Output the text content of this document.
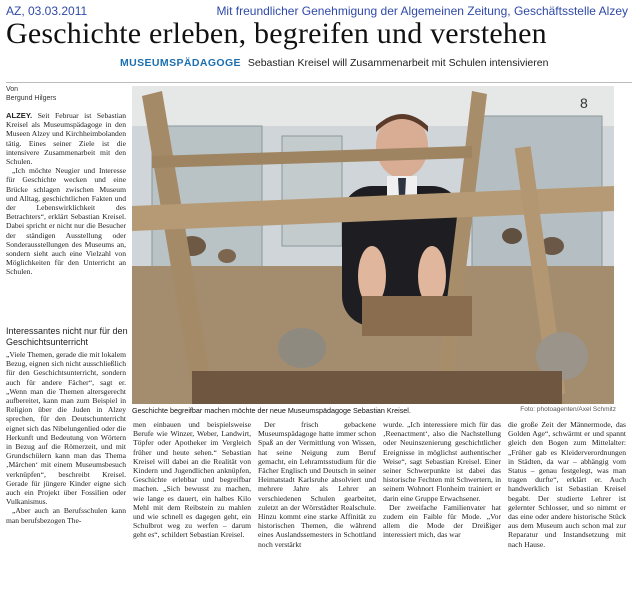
AZ, 03.03.2011	Mit freundlicher Genehmigung der Algemeinen Zeitung, Geschäftsstelle Alzey
Geschichte erleben, begreifen und verstehen
MUSEUMSPÄDAGOGE Sebastian Kreisel will Zusammenarbeit mit Schulen intensivieren
Von
Bergund Hilgers

ALZEY. Seit Februar ist Sebastian Kreisel als Museumspädagoge in den Museen Alzey und Kirchheimbolanden tätig. Eines seiner Ziele ist die intensivere Zusammenarbeit mit den Schulen.

„Ich möchte Neugier und Interesse für Geschichte wecken und eine Brücke schlagen zwischen Museum und Alltag, geschichtlichen Fakten und der Lebenswirklichkeit des Betrachters“, erklärt Sebastian Kreisel. Dabei spricht er nicht nur die Besucher der ständigen Ausstellung oder Sonderausstellungen des Museums an, sondern sieht auch eine Vielzahl von Möglichkeiten für den Unterricht an Schulen.

Interessantes nicht nur für den Geschichtsunterricht

„Viele Themen, gerade die mit lokalem Bezug, eignen sich nicht ausschließlich für den Geschichtsunterricht, sondern auch für andere Fächer“, sagt er. „Wenn man die Themen altersgerecht aufbereitet, kann man zum Beispiel in Religion über die Juden in Alzey sprechen, für den Deutschunterricht eignet sich das Nibelungenlied oder die Herkunft und Bedeutung von Wörtern in Bezug auf die Römerzeit, und mit Grundschülern kann man das Thema ‚Märchen‘ mit einem Museumsbesuch verknüpfen“, beschreibt Kreisel. Gerade für jüngere Kinder eigne sich auch ein Projekt über Fossilien oder Vulkanismus.

„Aber auch an Berufsschulen kann man berufsbezogen The-

8
Geschichte begreifbar machen möchte der neue Museumspädagoge Sebastian Kreisel.	Foto: photoagenten/Axel Schmitz

men einbauen und beispielsweise Berufe wie Winzer, Weber, Landwirt, Töpfer oder Apotheker im Vergleich früher und heute sehen.“ Sebastian Kreisel will dabei an die Realität von Kindern und Jugendlichen anknüpfen, Geschichte erlebbar und begreifbar machen. „Sich bewusst zu machen, wie lange es dauert, ein halbes Kilo Mehl mit dem Reibstein zu mahlen und wie schnell es dagegen geht, ein Schulbrot weg zu werfen – darum geht es“, schildert Sebastian Kreisel.

Der frisch gebackene Museumspädagoge hatte immer schon Spaß an der Vermittlung von Wissen, hat seine Neigung zum Beruf gemacht, ein Lehramtsstudium für die Fächer Englisch und Deutsch in seiner Heimatstadt Karlsruhe absolviert und mehrere Jahre als Lehrer an verschiedenen Schulen gearbeitet, zuletzt an der Wörrstädter Realschule. Hinzu kommt eine starke Affinität zu historischen Themen, die während eines Auslandssemesters in Schottland noch verstärkt

wurde. „Ich interessiere mich für das ‚Reenactment‘, also die Nachstellung oder Neuinszenierung geschichtlicher Ereignisse in möglichst authentischer Weise“, sagt Sebastian Kreisel. Einer seiner Schwerpunkte ist dabei das historische Fechten mit Schwertern, in seinem Wohnort Flonheim trainiert er darin eine Gruppe Erwachsener.

Der zweifache Familienvater hat zudem ein Faible für Mode. „Vor allem die Mode der Dreißiger interessiert mich, das war

die große Zeit der Männermode, das Golden Age“, schwärmt er und spannt gleich den Bogen zum Mittelalter: „Früher gab es Kleiderverordnungen in Städten, da war – abhängig vom Status – genau festgelegt, was man tragen durfte“, erklärt er. Auch handwerklich ist Sebastian Kreisel begabt. Der studierte Lehrer ist gelernter Schlosser, und so nimmt er das eine oder andere historische Stück aus dem Museum auch schon mal zur Reparatur und Instandsetzung mit nach Hause.
